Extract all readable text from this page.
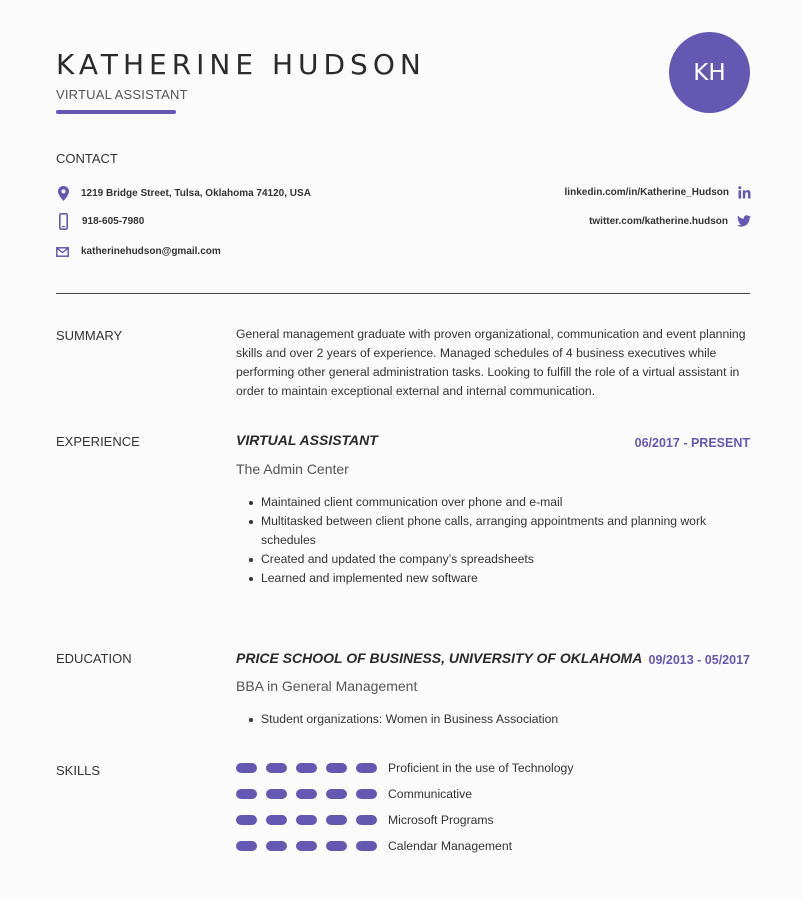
KATHERINE HUDSON
VIRTUAL ASSISTANT
KH
CONTACT
1219 Bridge Street, Tulsa, Oklahoma 74120, USA
918-605-7980
katherinehudson@gmail.com
linkedin.com/in/Katherine_Hudson
twitter.com/katherine.hudson
SUMMARY	General management graduate with proven organizational, communication and event planning skills and over 2 years of experience. Managed schedules of 4 business executives while performing other general administration tasks. Looking to fulfill the role of a virtual assistant in order to maintain exceptional external and internal communication.
EXPERIENCE	VIRTUAL ASSISTANT	06/2017 - PRESENT
The Admin Center
Maintained client communication over phone and e-mail
Multitasked between client phone calls, arranging appointments and planning work schedules
Created and updated the company’s spreadsheets
Learned and implemented new software
EDUCATION	PRICE SCHOOL OF BUSINESS, UNIVERSITY OF OKLAHOMA 09/2013 - 05/2017
BBA in General Management
Student organizations: Women in Business Association
SKILLS	Proficient in the use of Technology
Communicative
Microsoft Programs
Calendar Management
